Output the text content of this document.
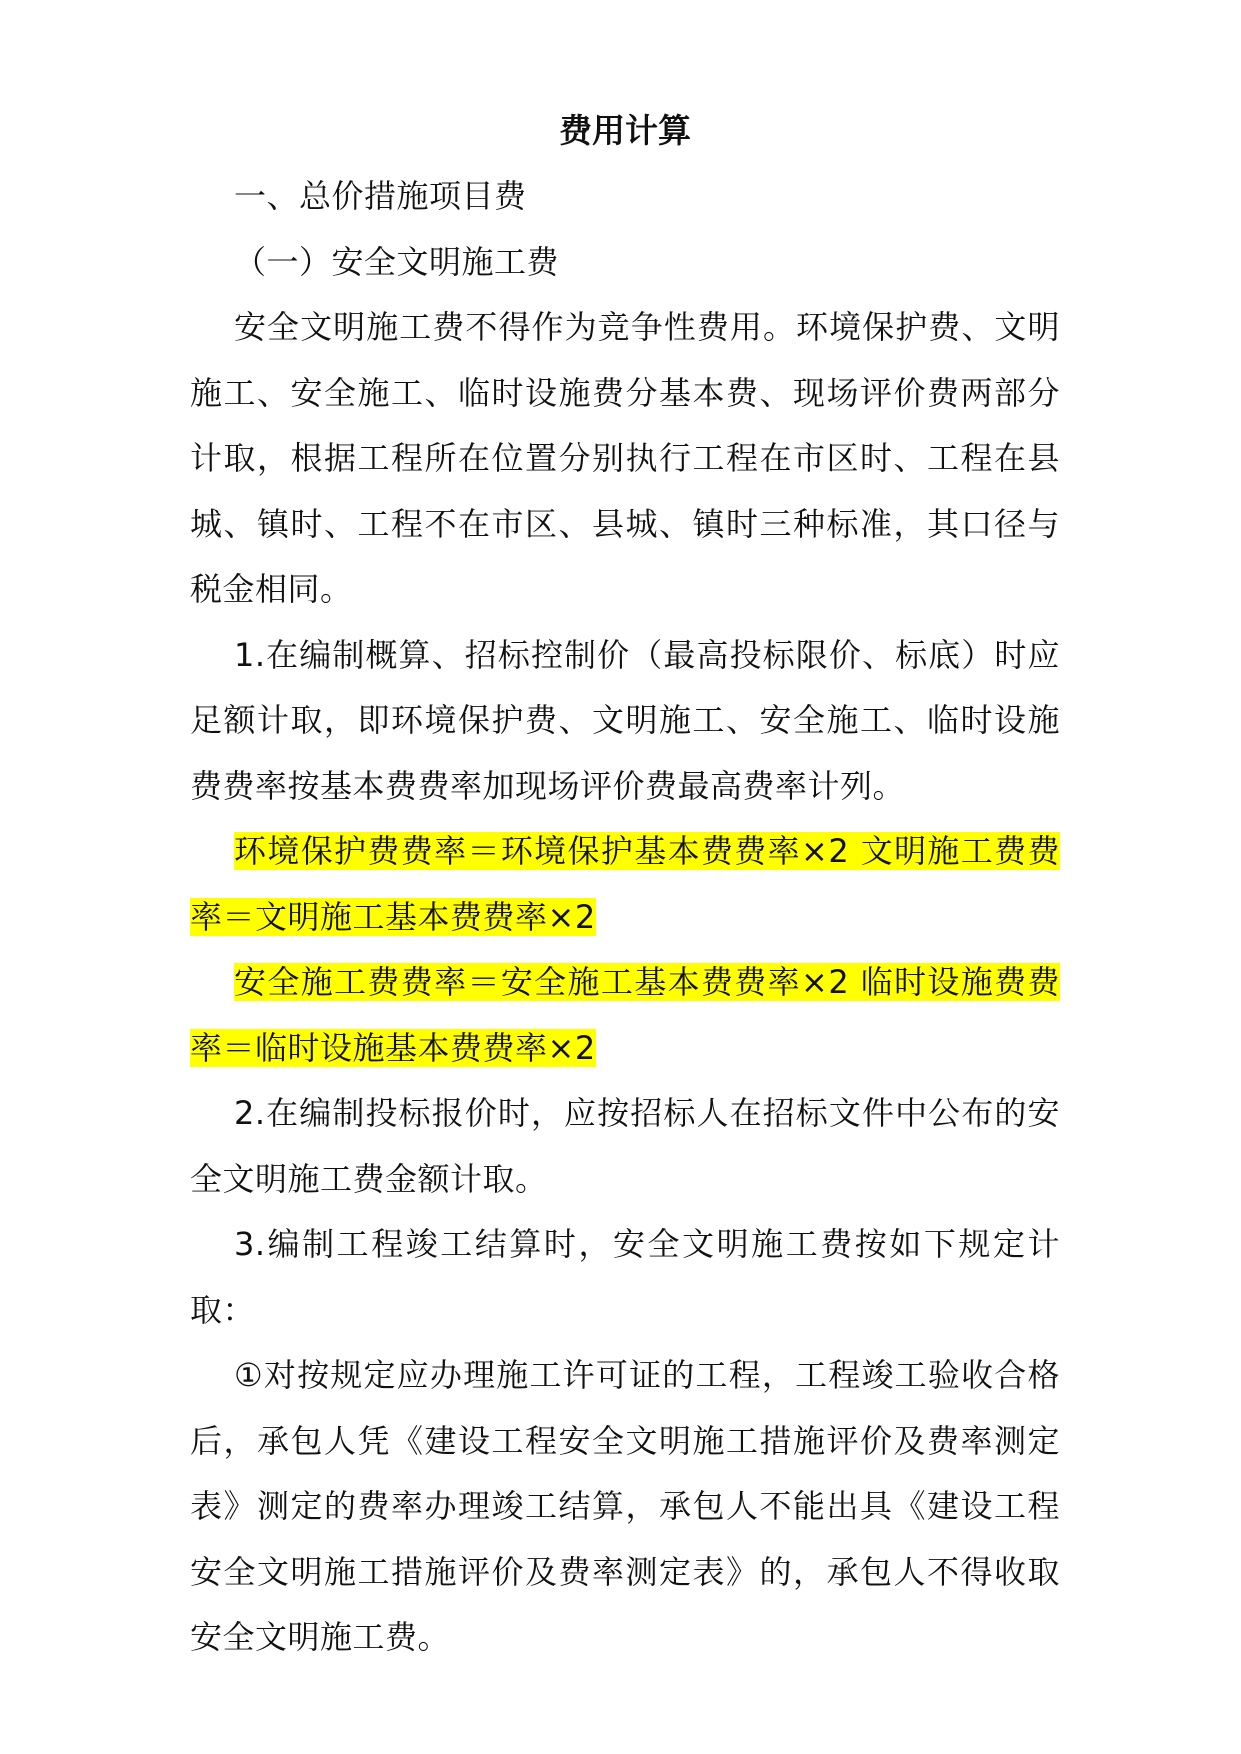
费用计算

一、总价措施项目费

（一）安全文明施工费

安全文明施工费不得作为竞争性费用。环境保护费、文明施工、安全施工、临时设施费分基本费、现场评价费两部分计取，根据工程所在位置分别执行工程在市区时、工程在县城、镇时、工程不在市区、县城、镇时三种标准，其口径与税金相同。

1.在编制概算、招标控制价（最高投标限价、标底）时应足额计取，即环境保护费、文明施工、安全施工、临时设施费费率按基本费费率加现场评价费最高费率计列。

环境保护费费率＝环境保护基本费费率×2 文明施工费费率＝文明施工基本费费率×2

安全施工费费率＝安全施工基本费费率×2 临时设施费费率＝临时设施基本费费率×2

2.在编制投标报价时，应按招标人在招标文件中公布的安全文明施工费金额计取。

3.编制工程竣工结算时，安全文明施工费按如下规定计取：

①对按规定应办理施工许可证的工程，工程竣工验收合格后，承包人凭《建设工程安全文明施工措施评价及费率测定表》测定的费率办理竣工结算，承包人不能出具《建设工程安全文明施工措施评价及费率测定表》的，承包人不得收取安全文明施工费。
